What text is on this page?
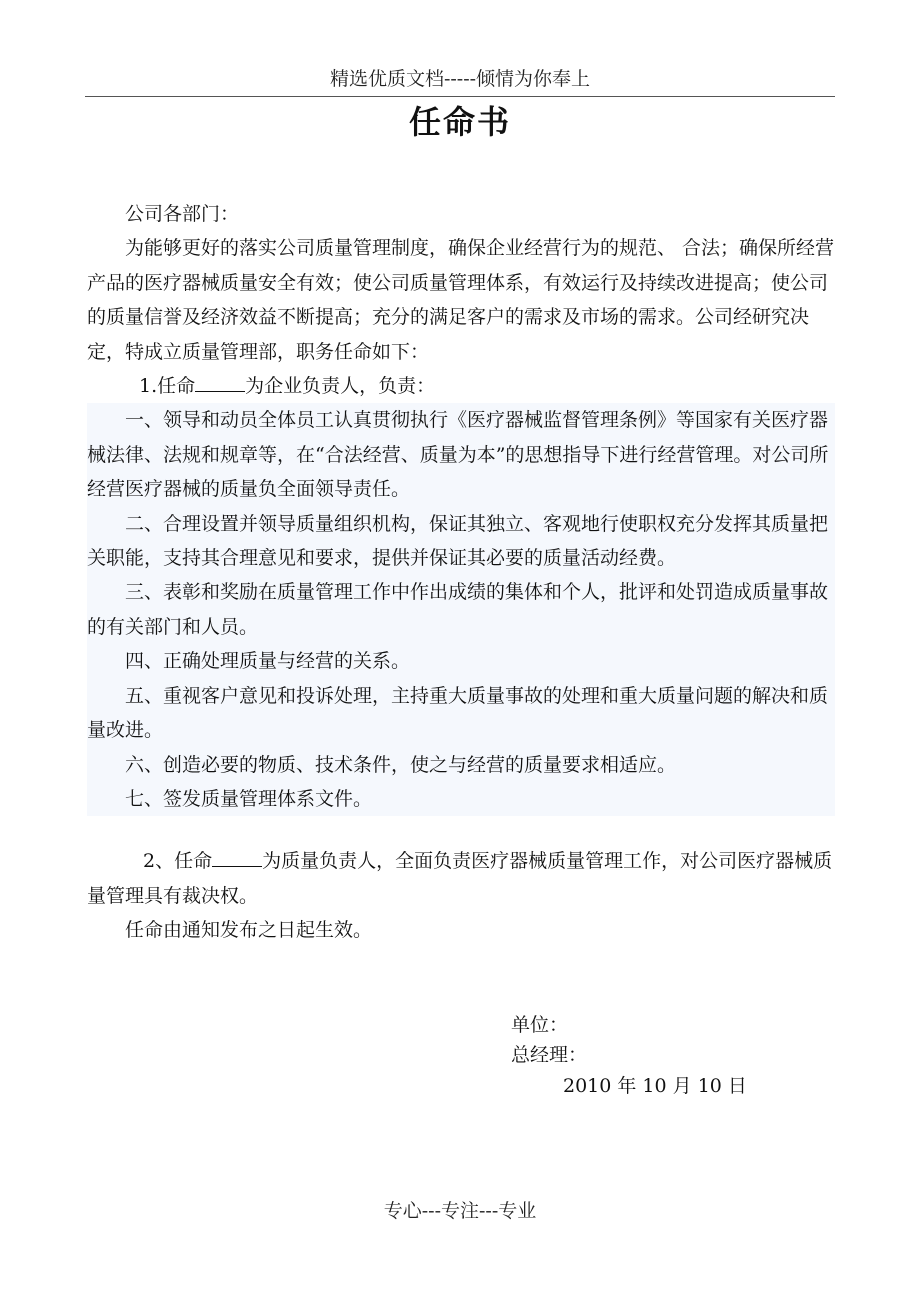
精选优质文档-----倾情为你奉上
任命书

公司各部门：

为能够更好的落实公司质量管理制度，确保企业经营行为的规范、 合法；确保所经营产品的医疗器械质量安全有效；使公司质量管理体系，有效运行及持续改进提高；使公司的质量信誉及经济效益不断提高；充分的满足客户的需求及市场的需求。公司经研究决定，特成立质量管理部，职务任命如下：

1.任命	为企业负责人，负责：

一、领导和动员全体员工认真贯彻执行《医疗器械监督管理条例》等国家有关医疗器械法律、法规和规章等，在“合法经营、质量为本”的思想指导下进行经营管理。对公司所经营医疗器械的质量负全面领导责任。

二、合理设置并领导质量组织机构，保证其独立、客观地行使职权充分发挥其质量把关职能，支持其合理意见和要求，提供并保证其必要的质量活动经费。

三、表彰和奖励在质量管理工作中作出成绩的集体和个人，批评和处罚造成质量事故的有关部门和人员。

四、正确处理质量与经营的关系。

五、重视客户意见和投诉处理，主持重大质量事故的处理和重大质量问题的解决和质量改进。

六、创造必要的物质、技术条件，使之与经营的质量要求相适应。

七、签发质量管理体系文件。

2、任命	为质量负责人，全面负责医疗器械质量管理工作，对公司医疗器械质量管理具有裁决权。

任命由通知发布之日起生效。

单位：
总经理：
2010 年 10 月 10 日
专心---专注---专业
